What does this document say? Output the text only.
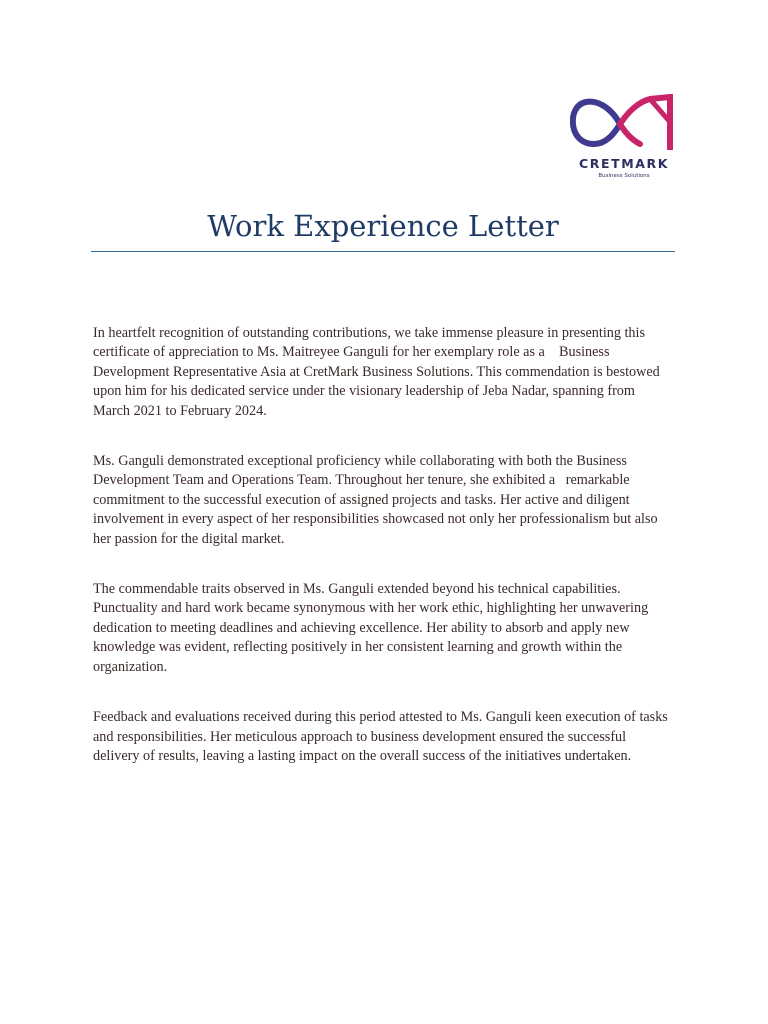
CRETMARK
Business Solutions
Work Experience Letter

In heartfelt recognition of outstanding contributions, we take immense pleasure in presenting this certificate of appreciation to Ms. Maitreyee Ganguli for her exemplary role as a    Business Development Representative Asia at CretMark Business Solutions. This commendation is bestowed upon him for his dedicated service under the visionary leadership of Jeba Nadar, spanning from March 2021 to February 2024.

Ms. Ganguli demonstrated exceptional proficiency while collaborating with both the Business Development Team and Operations Team. Throughout her tenure, she exhibited a   remarkable commitment to the successful execution of assigned projects and tasks. Her active and diligent involvement in every aspect of her responsibilities showcased not only her professionalism but also her passion for the digital market.

The commendable traits observed in Ms. Ganguli extended beyond his technical capabilities. Punctuality and hard work became synonymous with her work ethic, highlighting her unwavering dedication to meeting deadlines and achieving excellence. Her ability to absorb and apply new knowledge was evident, reflecting positively in her consistent learning and growth within the organization.

Feedback and evaluations received during this period attested to Ms. Ganguli keen execution of tasks and responsibilities. Her meticulous approach to business development ensured the successful delivery of results, leaving a lasting impact on the overall success of the initiatives undertaken.
